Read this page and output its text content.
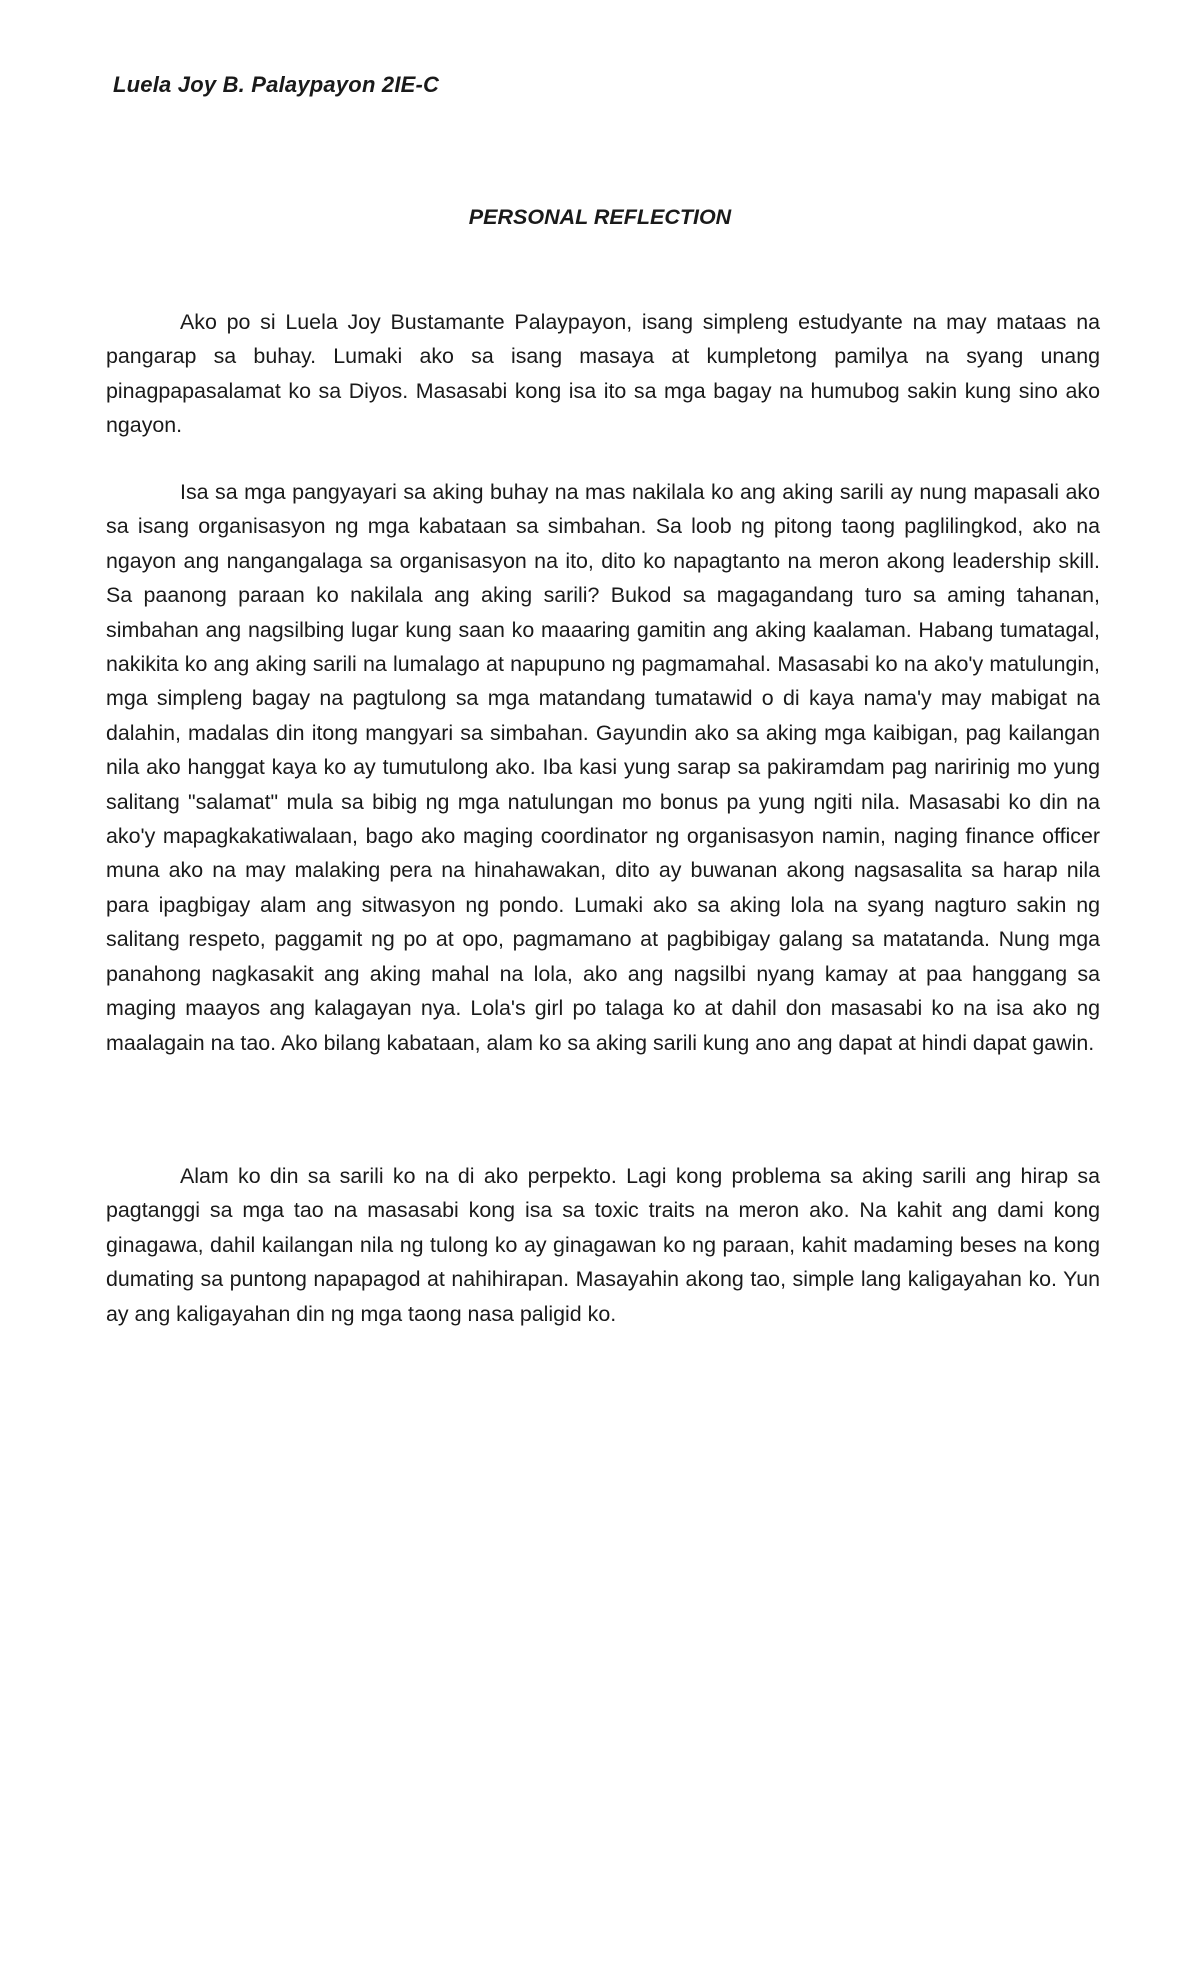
Luela Joy B. Palaypayon 2IE-C
PERSONAL REFLECTION

Ako po si Luela Joy Bustamante Palaypayon, isang simpleng estudyante na may mataas na pangarap sa buhay. Lumaki ako sa isang masaya at kumpletong pamilya na syang unang pinagpapasalamat ko sa Diyos. Masasabi kong isa ito sa mga bagay na humubog sakin kung sino ako ngayon.

Isa sa mga pangyayari sa aking buhay na mas nakilala ko ang aking sarili ay nung mapasali ako sa isang organisasyon ng mga kabataan sa simbahan. Sa loob ng pitong taong paglilingkod, ako na ngayon ang nangangalaga sa organisasyon na ito, dito ko napagtanto na meron akong leadership skill. Sa paanong paraan ko nakilala ang aking sarili? Bukod sa magagandang turo sa aming tahanan, simbahan ang nagsilbing lugar kung saan ko maaaring gamitin ang aking kaalaman. Habang tumatagal, nakikita ko ang aking sarili na lumalago at napupuno ng pagmamahal. Masasabi ko na ako'y matulungin, mga simpleng bagay na pagtulong sa mga matandang tumatawid o di kaya nama'y may mabigat na dalahin, madalas din itong mangyari sa simbahan. Gayundin ako sa aking mga kaibigan, pag kailangan nila ako hanggat kaya ko ay tumutulong ako. Iba kasi yung sarap sa pakiramdam pag naririnig mo yung salitang "salamat" mula sa bibig ng mga natulungan mo bonus pa yung ngiti nila. Masasabi ko din na ako'y mapagkakatiwalaan, bago ako maging coordinator ng organisasyon namin, naging finance officer muna ako na may malaking pera na hinahawakan, dito ay buwanan akong nagsasalita sa harap nila para ipagbigay alam ang sitwasyon ng pondo. Lumaki ako sa aking lola na syang nagturo sakin ng salitang respeto, paggamit ng po at opo, pagmamano at pagbibigay galang sa matatanda. Nung mga panahong nagkasakit ang aking mahal na lola, ako ang nagsilbi nyang kamay at paa hanggang sa maging maayos ang kalagayan nya. Lola's girl po talaga ko at dahil don masasabi ko na isa ako ng maalagain na tao. Ako bilang kabataan, alam ko sa aking sarili kung ano ang dapat at hindi dapat gawin.

Alam ko din sa sarili ko na di ako perpekto. Lagi kong problema sa aking sarili ang hirap sa pagtanggi sa mga tao na masasabi kong isa sa toxic traits na meron ako. Na kahit ang dami kong ginagawa, dahil kailangan nila ng tulong ko ay ginagawan ko ng paraan, kahit madaming beses na kong dumating sa puntong napapagod at nahihirapan. Masayahin akong tao, simple lang kaligayahan ko. Yun ay ang kaligayahan din ng mga taong nasa paligid ko.
